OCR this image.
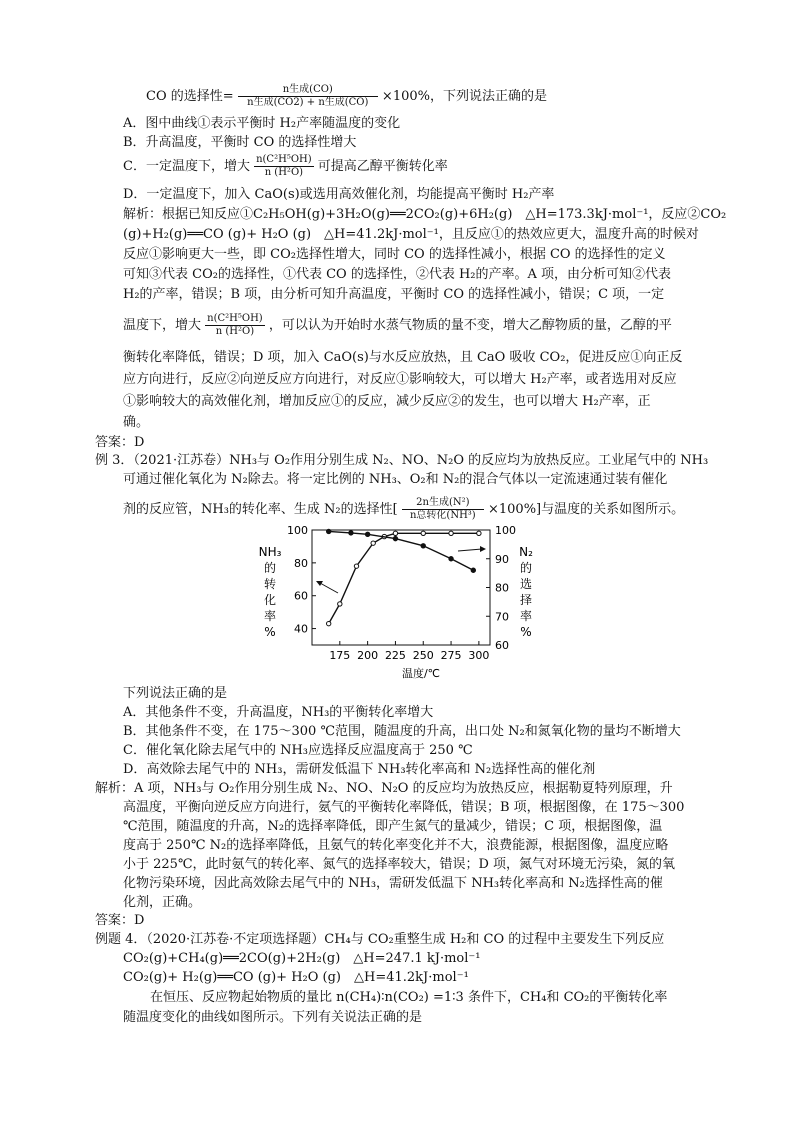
CO 的选择性= $\frac{\text{n生成(CO)}}{\text{n生成(CO2) + n生成(CO)}} \times 100\%$，下列说法正确的是
A．图中曲线①表示平衡时 H₂产率随温度的变化
B．升高温度，平衡时 CO 的选择性增大
C．一定温度下，增大 $\frac{\text{n(C²H⁵OH)}}{\text{n (H²O)}}$ 可提高乙醇平衡转化率
D．一定温度下，加入 CaO(s)或选用高效催化剂，均能提高平衡时 H₂产率
解析：根据已知反应①C₂H₅OH(g)+3H₂O(g)══2CO₂(g)+6H₂(g)　△H=173.3kJ·mol⁻¹，反应②CO₂
(g)+H₂(g)══CO (g)+ H₂O (g)　△H=41.2kJ·mol⁻¹，且反应①的热效应更大，温度升高的时候对
反应①影响更大一些，即 CO₂选择性增大，同时 CO 的选择性减小，根据 CO 的选择性的定义
可知③代表 CO₂的选择性，①代表 CO 的选择性，②代表 H₂的产率。A 项，由分析可知②代表
H₂的产率，错误；B 项，由分析可知升高温度，平衡时 CO 的选择性减小，错误；C 项，一定
温度下，增大 $\frac{\text{n(C²H⁵OH)}}{\text{n (H²O)}}$ ，可以认为开始时水蒸气物质的量不变，增大乙醇物质的量，乙醇的平
衡转化率降低，错误；D 项，加入 CaO(s)与水反应放热，且 CaO 吸收 CO₂，促进反应①向正反
应方向进行，反应②向逆反应方向进行，对反应①影响较大，可以增大 H₂产率，或者选用对反应
①影响较大的高效催化剂，增加反应①的反应，减少反应②的发生，也可以增大 H₂产率，正
确。
答案：D
例 3．（2021·江苏卷）NH₃与 O₂作用分别生成 N₂、NO、N₂O 的反应均为放热反应。工业尾气中的 NH₃
可通过催化氧化为 N₂除去。将一定比例的 NH₃、O₂和 N₂的混合气体以一定流速通过装有催化
剂的反应管，NH₃的转化率、生成 N₂的选择性[ $\frac{\text{2n生成(N²)}}{\text{n总转化(NH³)}} \times 100\%$]与温度的关系如图所示。
175 200 225 250 275 300
40
60
80
100
60
70
80
90
100
温度/℃
NH₃
的
转
化
率
%
N₂
的
选
择
率
%
下列说法正确的是
A．其他条件不变，升高温度，NH₃的平衡转化率增大
B．其他条件不变，在 175～300 ℃范围，随温度的升高，出口处 N₂和氮氧化物的量均不断增大
C．催化氧化除去尾气中的 NH₃应选择反应温度高于 250 ℃
D．高效除去尾气中的 NH₃，需研发低温下 NH₃转化率高和 N₂选择性高的催化剂
解析：A 项，NH₃与 O₂作用分别生成 N₂、NO、N₂O 的反应均为放热反应，根据勒夏特列原理，升
高温度，平衡向逆反应方向进行，氨气的平衡转化率降低，错误；B 项，根据图像，在 175～300
℃范围，随温度的升高，N₂的选择率降低，即产生氮气的量减少，错误；C 项，根据图像，温
度高于 250℃ N₂的选择率降低，且氨气的转化率变化并不大，浪费能源，根据图像，温度应略
小于 225℃，此时氨气的转化率、氮气的选择率较大，错误；D 项，氮气对环境无污染，氮的氧
化物污染环境，因此高效除去尾气中的 NH₃，需研发低温下 NH₃转化率高和 N₂选择性高的催
化剂，正确。
答案：D
例题 4．（2020·江苏卷·不定项选择题）CH₄与 CO₂重整生成 H₂和 CO 的过程中主要发生下列反应
CO₂(g)+CH₄(g)══2CO(g)+2H₂(g)　△H=247.1 kJ·mol⁻¹
CO₂(g)+ H₂(g)══CO (g)+ H₂O (g)　△H=41.2kJ·mol⁻¹
在恒压、反应物起始物质的量比 n(CH₄)∶n(CO₂) =1∶3 条件下，CH₄和 CO₂的平衡转化率
随温度变化的曲线如图所示。下列有关说法正确的是
